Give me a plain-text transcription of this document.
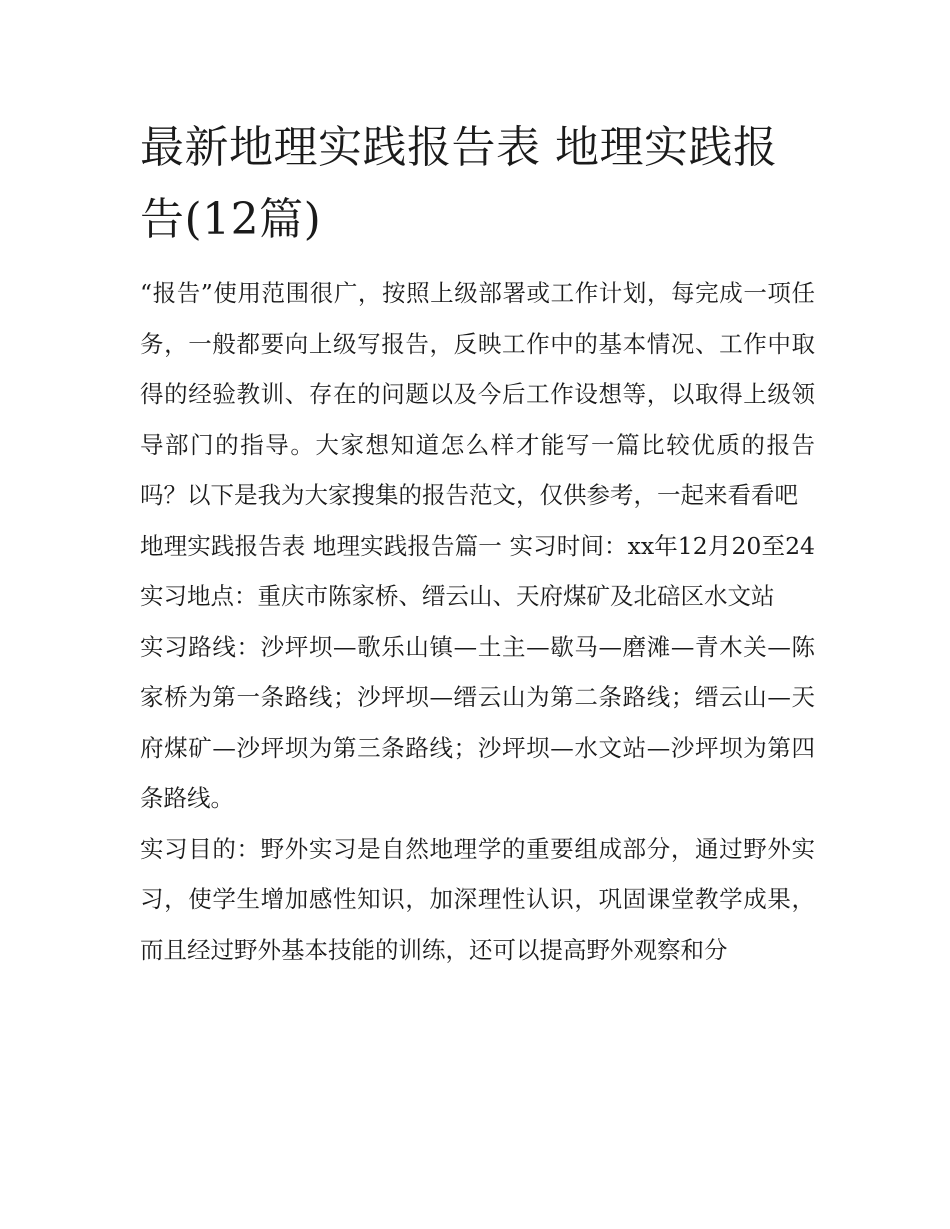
最新地理实践报告表 地理实践报告(12篇)

“报告”使用范围很广，按照上级部署或工作计划，每完成一项任务，一般都要向上级写报告，反映工作中的基本情况、工作中取得的经验教训、存在的问题以及今后工作设想等，以取得上级领导部门的指导。大家想知道怎么样才能写一篇比较优质的报告吗？以下是我为大家搜集的报告范文，仅供参考，一起来看看吧

地理实践报告表 地理实践报告篇一 实习时间：xx年12月20至24实习地点：重庆市陈家桥、缙云山、天府煤矿及北碚区水文站

实习路线：沙坪坝—歌乐山镇—土主—歇马—磨滩—青木关—陈家桥为第一条路线；沙坪坝—缙云山为第二条路线；缙云山—天府煤矿—沙坪坝为第三条路线；沙坪坝—水文站—沙坪坝为第四条路线。

实习目的：野外实习是自然地理学的重要组成部分，通过野外实习，使学生增加感性知识，加深理性认识，巩固课堂教学成果，而且经过野外基本技能的训练，还可以提高野外观察和分
